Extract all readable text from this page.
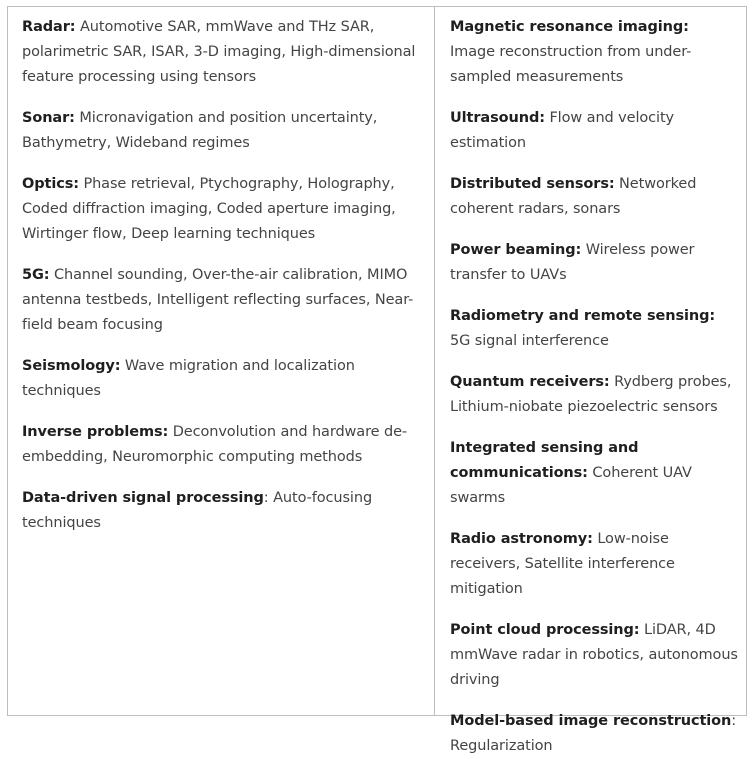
Radar: Automotive SAR, mmWave and THz SAR, polarimetric SAR, ISAR, 3-D imaging, High-dimensional feature processing using tensors

Sonar: Micronavigation and position uncertainty, Bathymetry, Wideband regimes

Optics: Phase retrieval, Ptychography, Holography, Coded diffraction imaging, Coded aperture imaging, Wirtinger flow, Deep learning techniques

5G: Channel sounding, Over-the-air calibration, MIMO antenna testbeds, Intelligent reflecting surfaces, Near-field beam focusing

Seismology: Wave migration and localization techniques

Inverse problems: Deconvolution and hardware de-embedding, Neuromorphic computing methods

Data-driven signal processing: Auto-focusing techniques

Magnetic resonance imaging: Image reconstruction from under-sampled measurements

Ultrasound: Flow and velocity estimation

Distributed sensors: Networked coherent radars, sonars

Power beaming: Wireless power transfer to UAVs

Radiometry and remote sensing: 5G signal interference

Quantum receivers: Rydberg probes, Lithium-niobate piezoelectric sensors

Integrated sensing and communications: Coherent UAV swarms

Radio astronomy: Low-noise receivers, Satellite interference mitigation

Point cloud processing: LiDAR, 4D mmWave radar in robotics, autonomous driving

Model-based image reconstruction: Regularization
